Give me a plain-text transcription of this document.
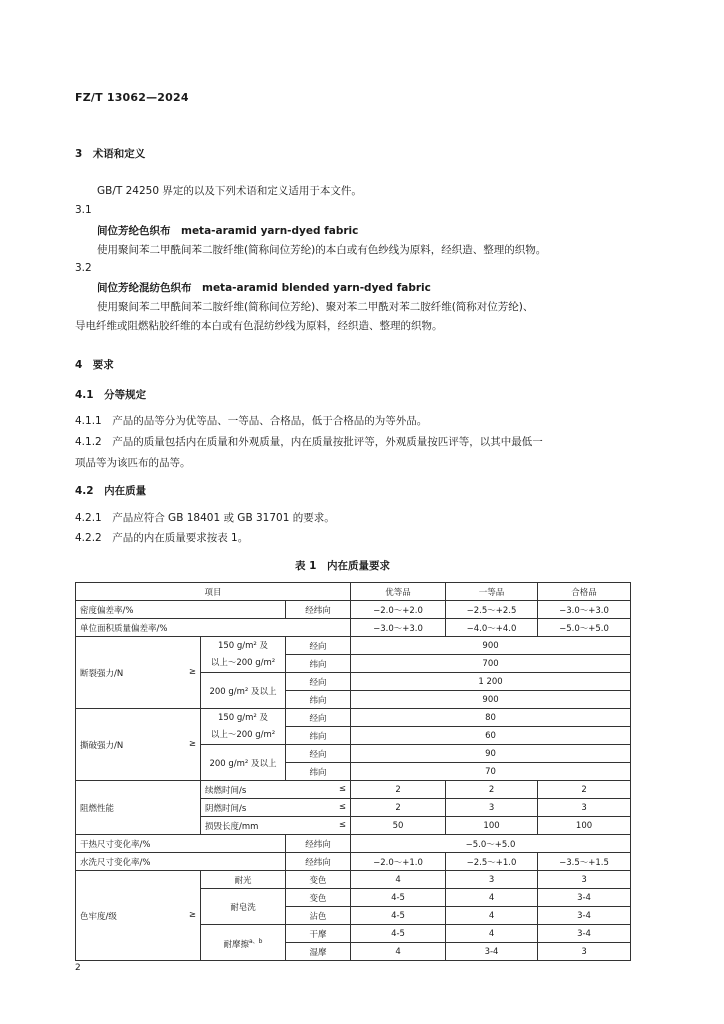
FZ/T 13062—2024
3　术语和定义
GB/T 24250 界定的以及下列术语和定义适用于本文件。
3.1
间位芳纶色织布　meta-aramid yarn-dyed fabric
使用聚间苯二甲酰间苯二胺纤维(简称间位芳纶)的本白或有色纱线为原料，经织造、整理的织物。
3.2
间位芳纶混纺色织布　meta-aramid blended yarn-dyed fabric
使用聚间苯二甲酰间苯二胺纤维(简称间位芳纶)、聚对苯二甲酰对苯二胺纤维(简称对位芳纶)、
导电纤维或阻燃粘胶纤维的本白或有色混纺纱线为原料，经织造、整理的织物。
4　要求
4.1　分等规定
4.1.1　产品的品等分为优等品、一等品、合格品，低于合格品的为等外品。
4.1.2　产品的质量包括内在质量和外观质量，内在质量按批评等，外观质量按匹评等，以其中最低一
项品等为该匹布的品等。
4.2　内在质量
4.2.1　产品应符合 GB 18401 或 GB 31701 的要求。
4.2.2　产品的内在质量要求按表 1。
表 1　内在质量要求
项目			优等品	一等品	合格品
密度偏差率/%		经纬向	−2.0～+2.0	−2.5～+2.5	−3.0～+3.0
单位面积质量偏差率/%			−3.0～+3.0	−4.0～+4.0	−5.0～+5.0
断裂强力/N ≥	150 g/m² 及
以上～200 g/m²	经向	900		
		纬向	700		
	200 g/m² 及以上	经向	1 200		
		纬向	900		
撕破强力/N ≥	150 g/m² 及
以上～200 g/m²	经向	80		
		纬向	60		
	200 g/m² 及以上	经向	90		
		纬向	70		
阻燃性能	续燃时间/s ≤		2	2	2
	阴燃时间/s ≤		2	3	3
	损毁长度/mm ≤		50	100	100
干热尺寸变化率/%		经纬向	−5.0～+5.0		
水洗尺寸变化率/%		经纬向	−2.0～+1.0	−2.5～+1.0	−3.5～+1.5
色牢度/级 ≥	耐光	变色	4	3	3
	耐皂洗	变色	4-5	4	3-4
		沾色	4-5	4	3-4
	耐摩擦$^{a、b}$	干摩	4-5	4	3-4
		湿摩	4	3-4	3
2
